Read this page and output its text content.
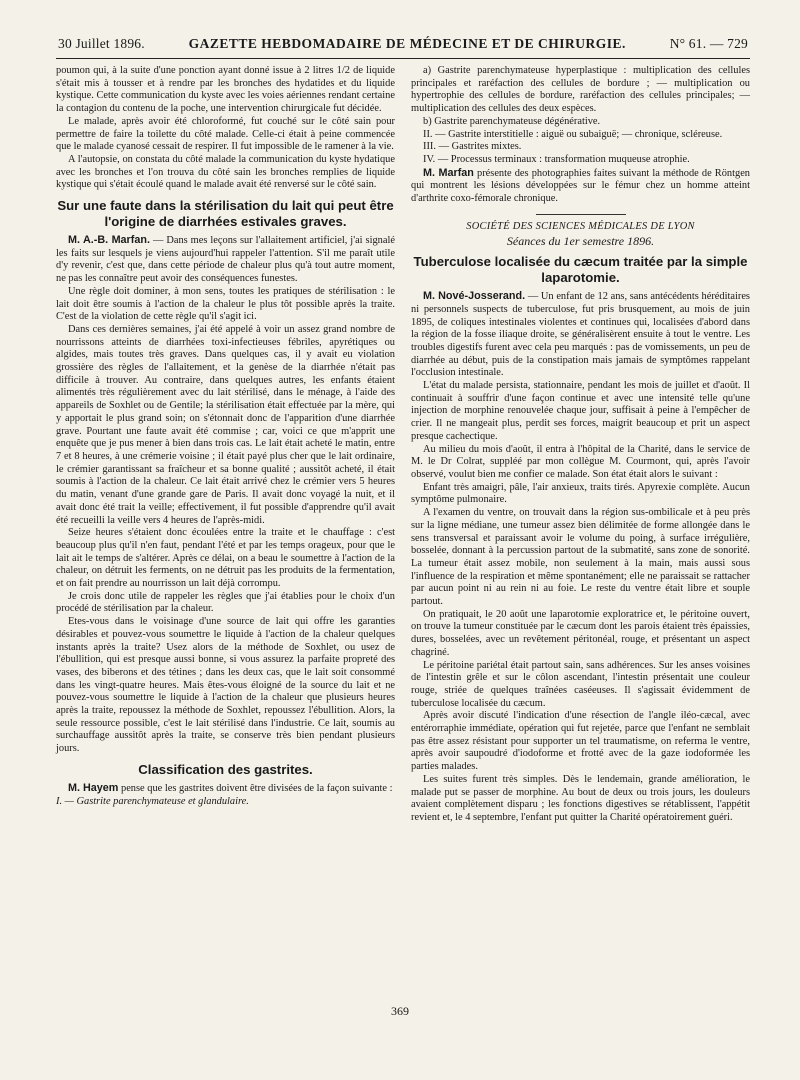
30 Juillet 1896.	GAZETTE HEBDOMADAIRE DE MÉDECINE ET DE CHIRURGIE.	N° 61. — 729

poumon qui, à la suite d'une ponction ayant donné issue à 2 litres 1/2 de liquide s'était mis à tousser et à rendre par les bronches des hydatides et du liquide kystique. Cette communication du kyste avec les voies aériennes rendant certaine la contagion du contenu de la poche, une intervention chirurgicale fut décidée.

Le malade, après avoir été chloroformé, fut couché sur le côté sain pour permettre de faire la toilette du côté malade. Celle-ci était à peine commencée que le malade cyanosé cessait de respirer. Il fut impossible de le ramener à la vie.

A l'autopsie, on constata du côté malade la communication du kyste hydatique avec les bronches et l'on trouva du côté sain les bronches remplies de liquide kystique qui s'était écoulé quand le malade avait été renversé sur le côté sain.

Sur une faute dans la stérilisation du lait qui peut être l'origine de diarrhées estivales graves.

M. A.-B. Marfan. — Dans mes leçons sur l'allaitement artificiel, j'ai signalé les faits sur lesquels je viens aujourd'hui rappeler l'attention. S'il me paraît utile d'y revenir, c'est que, dans cette période de chaleur plus qu'à tout autre moment, ne pas les connaître peut avoir des conséquences funestes.

Une règle doit dominer, à mon sens, toutes les pratiques de stérilisation : le lait doit être soumis à l'action de la chaleur le plus tôt possible après la traite. C'est de la violation de cette règle qu'il s'agit ici.

Dans ces dernières semaines, j'ai été appelé à voir un assez grand nombre de nourrissons atteints de diarrhées toxi-infectieuses fébriles, apyrétiques ou algides, mais toutes très graves. Dans quelques cas, il y avait eu violation grossière des règles de l'allaitement, et la genèse de la diarrhée n'était pas difficile à trouver. Au contraire, dans quelques autres, les enfants étaient alimentés très régulièrement avec du lait stérilisé, dans le ménage, à l'aide des appareils de Soxhlet ou de Gentile; la stérilisation était effectuée par la mère, qui y apportait le plus grand soin; on s'étonnait donc de l'apparition d'une diarrhée grave. Pourtant une faute avait été commise ; car, voici ce que m'apprit une enquête que je pus mener à bien dans trois cas. Le lait était acheté le matin, entre 7 et 8 heures, à une crémerie voisine ; il était payé plus cher que le lait ordinaire, le crémier garantissant sa fraîcheur et sa bonne qualité ; aussitôt acheté, il était soumis à l'action de la chaleur. Ce lait était arrivé chez le crémier vers 5 heures du matin, venant d'une grande gare de Paris. Il avait donc voyagé la nuit, et il avait donc été trait la veille; effectivement, il fut possible d'apprendre qu'il avait été recueilli la veille vers 4 heures de l'après-midi.

Seize heures s'étaient donc écoulées entre la traite et le chauffage : c'est beaucoup plus qu'il n'en faut, pendant l'été et par les temps orageux, pour que le lait ait le temps de s'altérer. Après ce délai, on a beau le soumettre à l'action de la chaleur, on détruit les ferments, on ne détruit pas les produits de la fermentation, et on fait prendre au nourrisson un lait déjà corrompu.

Je crois donc utile de rappeler les règles que j'ai établies pour le choix d'un procédé de stérilisation par la chaleur.

Etes-vous dans le voisinage d'une source de lait qui offre les garanties désirables et pouvez-vous soumettre le liquide à l'action de la chaleur quelques instants après la traite? Usez alors de la méthode de Soxhlet, ou usez de l'ébullition, qui est presque aussi bonne, si vous assurez la parfaite propreté des vases, des biberons et des tétines ; dans les deux cas, que le lait soit consommé dans les vingt-quatre heures. Mais êtes-vous éloigné de la source du lait et ne pouvez-vous soumettre le liquide à l'action de la chaleur que plusieurs heures après la traite, repoussez la méthode de Soxhlet, repoussez l'ébullition. Alors, la seule ressource possible, c'est le lait stérilisé dans l'industrie. Ce lait, soumis au surchauffage aussitôt après la traite, se conserve très bien pendant plusieurs jours.

Classification des gastrites.

M. Hayem pense que les gastrites doivent être divisées de la façon suivante :

I. — Gastrite parenchymateuse et glandulaire.

a) Gastrite parenchymateuse hyperplastique : multiplication des cellules principales et raréfaction des cellules de bordure ; — multiplication ou hypertrophie des cellules de bordure, raréfaction des cellules principales; — multiplication des cellules des deux espèces.

b) Gastrite parenchymateuse dégénérative.

II. — Gastrite interstitielle : aiguë ou subaiguë; — chronique, scléreuse.

III. — Gastrites mixtes.

IV. — Processus terminaux : transformation muqueuse atrophie.

M. Marfan présente des photographies faites suivant la méthode de Röntgen qui montrent les lésions développées sur le fémur chez un homme atteint d'arthrite coxo-fémorale chronique.

SOCIÉTÉ DES SCIENCES MÉDICALES DE LYON
Séances du 1er semestre 1896.
Tuberculose localisée du cæcum traitée par la simple laparotomie.

M. Nové-Josserand. — Un enfant de 12 ans, sans antécédents héréditaires ni personnels suspects de tuberculose, fut pris brusquement, au mois de juin 1895, de coliques intestinales violentes et continues qui, localisées d'abord dans la région de la fosse iliaque droite, se généralisèrent ensuite à tout le ventre. Les troubles digestifs furent avec cela peu marqués : pas de vomissements, un peu de diarrhée au début, puis de la constipation mais jamais de symptômes rappelant l'occlusion intestinale.

L'état du malade persista, stationnaire, pendant les mois de juillet et d'août. Il continuait à souffrir d'une façon continue et avec une intensité telle qu'une injection de morphine renouvelée chaque jour, suffisait à peine à l'empêcher de crier. Il ne mangeait plus, perdit ses forces, maigrit beaucoup et prit un aspect presque cachectique.

Au milieu du mois d'août, il entra à l'hôpital de la Charité, dans le service de M. le Dr Colrat, suppléé par mon collègue M. Courmont, qui, après l'avoir observé, voulut bien me confier ce malade. Son état était alors le suivant :

Enfant très amaigri, pâle, l'air anxieux, traits tirés. Apyrexie complète. Aucun symptôme pulmonaire.

A l'examen du ventre, on trouvait dans la région sus-ombilicale et à peu près sur la ligne médiane, une tumeur assez bien délimitée de forme allongée dans le sens transversal et paraissant avoir le volume du poing, à surface irrégulière, bosselée, donnant à la percussion partout de la submatité, sans zone de sonorité. La tumeur était assez mobile, non seulement à la main, mais aussi sous l'influence de la respiration et même spontanément; elle ne paraissait se rattacher par aucun point ni au rein ni au foie. Le reste du ventre était libre et souple partout.

On pratiquait, le 20 août une laparotomie exploratrice et, le péritoine ouvert, on trouve la tumeur constituée par le cæcum dont les parois étaient très épaissies, dures, bosselées, avec un revêtement péritonéal, rouge, et présentant un aspect chagriné.

Le péritoine pariétal était partout sain, sans adhérences. Sur les anses voisines de l'intestin grêle et sur le côlon ascendant, l'intestin présentait une couleur rouge, striée de quelques traînées caséeuses. Il s'agissait évidemment de tuberculose localisée du cæcum.

Après avoir discuté l'indication d'une résection de l'angle iléo-cæcal, avec entérorraphie immédiate, opération qui fut rejetée, parce que l'enfant ne semblait pas être assez résistant pour supporter un tel traumatisme, on referma le ventre, après avoir saupoudré d'iodoforme et frotté avec de la gaze iodoformée les parties malades.

Les suites furent très simples. Dès le lendemain, grande amélioration, le malade put se passer de morphine. Au bout de deux ou trois jours, les douleurs avaient complètement disparu ; les fonctions digestives se rétablissent, l'appétit revient et, le 4 septembre, l'enfant put quitter la Charité opératoirement guéri.

369
